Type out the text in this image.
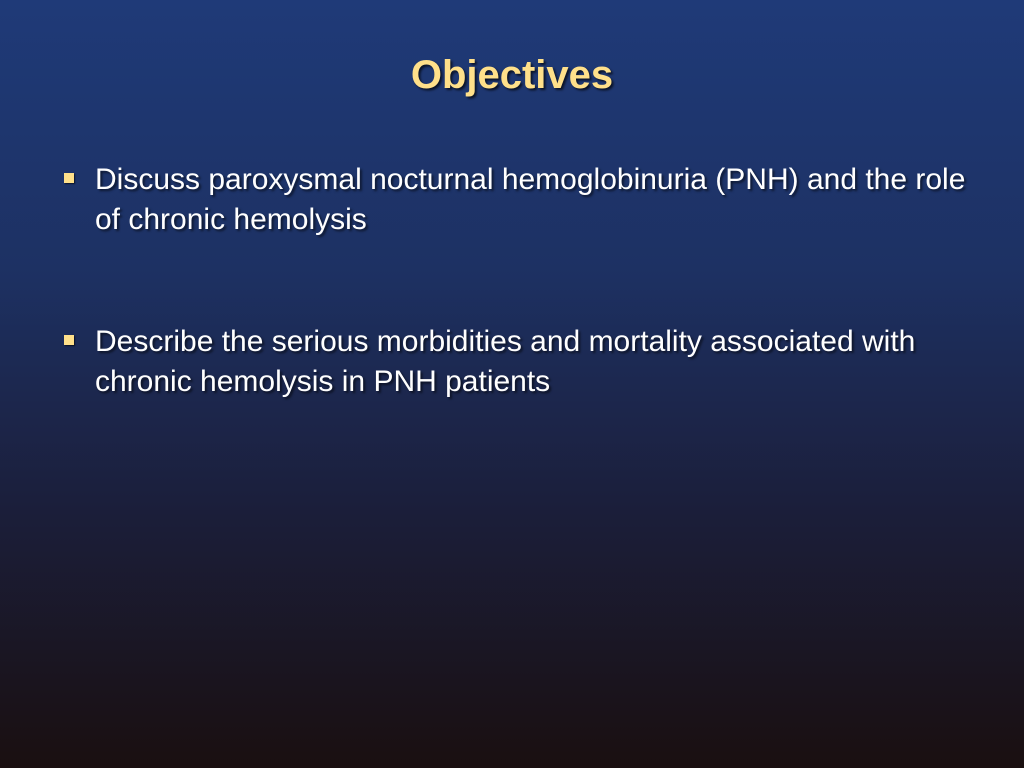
Objectives
Discuss paroxysmal nocturnal hemoglobinuria (PNH) and the role of chronic hemolysis
Describe the serious morbidities and mortality associated with chronic hemolysis in PNH patients
